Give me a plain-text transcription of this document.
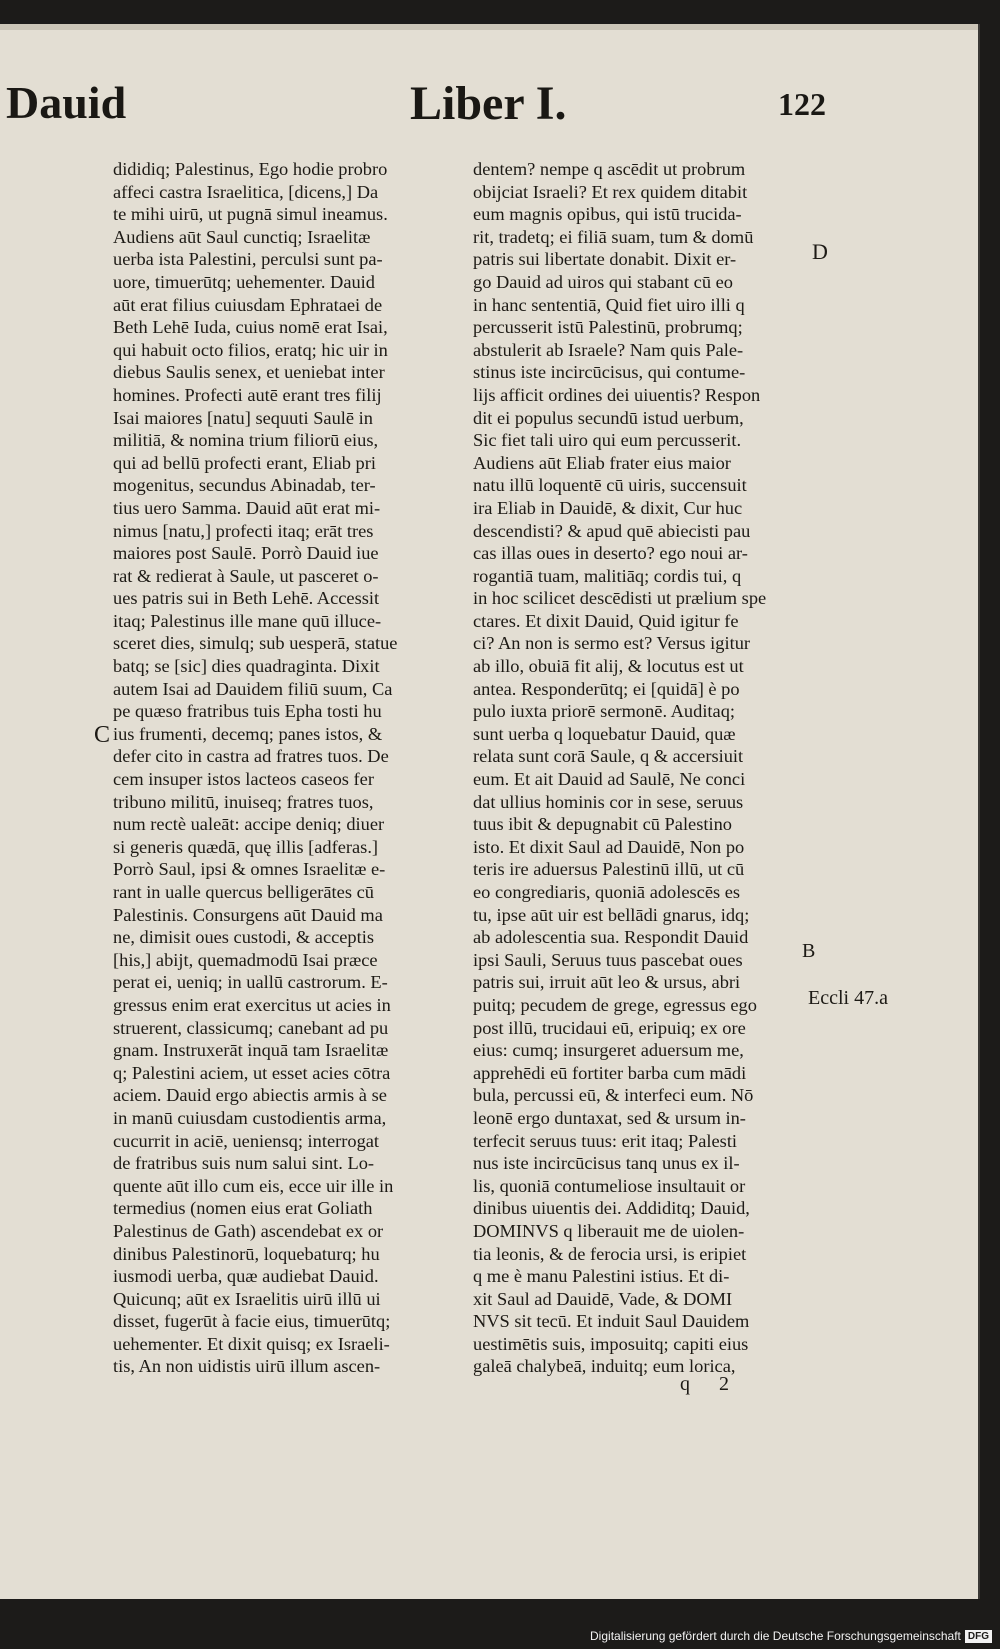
Dauid	Liber I.	122
dididiq; Palestinus, Ego hodie probro
affeci castra Israelitica, [dicens,] Da
te mihi uirū, ut pugnā simul ineamus.
Audiens aūt Saul cunctiq; Israelitæ
uerba ista Palestini, perculsi sunt pa-
uore, timuerūtq; uehementer. Dauid
aūt erat filius cuiusdam Ephrataei de
Beth Lehē Iuda, cuius nomē erat Isai,
qui habuit octo filios, eratq; hic uir in
diebus Saulis senex, et ueniebat inter
homines. Profecti autē erant tres filij
Isai maiores [natu] sequuti Saulē in
militiā, & nomina trium filiorū eius,
qui ad bellū profecti erant, Eliab pri
mogenitus, secundus Abinadab, ter-
tius uero Samma. Dauid aūt erat mi-
nimus [natu,] profecti itaq; erāt tres
maiores post Saulē. Porrò Dauid iue
rat & redierat à Saule, ut pasceret o-
ues patris sui in Beth Lehē. Accessit
itaq; Palestinus ille mane quū illuce-
sceret dies, simulq; sub uesperā, statue
batq; se [sic] dies quadraginta. Dixit
autem Isai ad Dauidem filiū suum, Ca
pe quæso fratribus tuis Epha tosti hu
ius frumenti, decemq; panes istos, &
defer cito in castra ad fratres tuos. De
cem insuper istos lacteos caseos fer
tribuno militū, inuiseq; fratres tuos,
num rectè ualeāt: accipe deniq; diuer
si generis quædā, quę illis [adferas.]
Porrò Saul, ipsi & omnes Israelitæ e-
rant in ualle quercus belligerātes cū
Palestinis. Consurgens aūt Dauid ma
ne, dimisit oues custodi, & acceptis
[his,] abijt, quemadmodū Isai præce
perat ei, ueniq; in uallū castrorum. E-
gressus enim erat exercitus ut acies in
struerent, classicumq; canebant ad pu
gnam. Instruxerāt inquā tam Israelitæ
q; Palestini aciem, ut esset acies cōtra
aciem. Dauid ergo abiectis armis à se
in manū cuiusdam custodientis arma,
cucurrit in aciē, ueniensq; interrogat
de fratribus suis num salui sint. Lo-
quente aūt illo cum eis, ecce uir ille in
termedius (nomen eius erat Goliath
Palestinus de Gath) ascendebat ex or
dinibus Palestinorū, loquebaturq; hu
iusmodi uerba, quæ audiebat Dauid.
Quicunq; aūt ex Israelitis uirū illū ui
disset, fugerūt à facie eius, timuerūtq;
uehementer. Et dixit quisq; ex Israeli-
tis, An non uidistis uirū illum ascen-
dentem? nempe q ascēdit ut probrum
obijciat Israeli? Et rex quidem ditabit
eum magnis opibus, qui istū trucida-
rit, tradetq; ei filiā suam, tum & domū
patris sui libertate donabit. Dixit er-
go Dauid ad uiros qui stabant cū eo
in hanc sententiā, Quid fiet uiro illi q
percusserit istū Palestinū, probrumq;
abstulerit ab Israele? Nam quis Pale-
stinus iste incircūcisus, qui contume-
lijs afficit ordines dei uiuentis? Respon
dit ei populus secundū istud uerbum,
Sic fiet tali uiro qui eum percusserit.
Audiens aūt Eliab frater eius maior
natu illū loquentē cū uiris, succensuit
ira Eliab in Dauidē, & dixit, Cur huc
descendisti? & apud quē abiecisti pau
cas illas oues in deserto? ego noui ar-
rogantiā tuam, malitiāq; cordis tui, q
in hoc scilicet descēdisti ut prælium spe
ctares. Et dixit Dauid, Quid igitur fe
ci? An non is sermo est? Versus igitur
ab illo, obuiā fit alij, & locutus est ut
antea. Responderūtq; ei [quidā] è po
pulo iuxta priorē sermonē. Auditaq;
sunt uerba q loquebatur Dauid, quæ
relata sunt corā Saule, q & accersiuit
eum. Et ait Dauid ad Saulē, Ne conci
dat ullius hominis cor in sese, seruus
tuus ibit & depugnabit cū Palestino
isto. Et dixit Saul ad Dauidē, Non po
teris ire aduersus Palestinū illū, ut cū
eo congrediaris, quoniā adolescēs es
tu, ipse aūt uir est bellādi gnarus, idq;
ab adolescentia sua. Respondit Dauid
ipsi Sauli, Seruus tuus pascebat oues
patris sui, irruit aūt leo & ursus, abri
puitq; pecudem de grege, egressus ego
post illū, trucidaui eū, eripuiq; ex ore
eius: cumq; insurgeret aduersum me,
apprehēdi eū fortiter barba cum mādi
bula, percussi eū, & interfeci eum. Nō
leonē ergo duntaxat, sed & ursum in-
terfecit seruus tuus: erit itaq; Palesti
nus iste incircūcisus tanq unus ex il-
lis, quoniā contumeliose insultauit or
dinibus uiuentis dei. Addiditq; Dauid,
DOMINVS q liberauit me de uiolen-
tia leonis, & de ferocia ursi, is eripiet
q me è manu Palestini istius. Et di-
xit Saul ad Dauidē, Vade, & DOMI
NVS sit tecū. Et induit Saul Dauidem
uestimētis suis, imposuitq; capiti eius
galeā chalybeā, induitq; eum lorica,
D
C
B
Eccli 47.a
q 2
Digitalisierung gefördert durch die Deutsche Forschungsgemeinschaft DFG
